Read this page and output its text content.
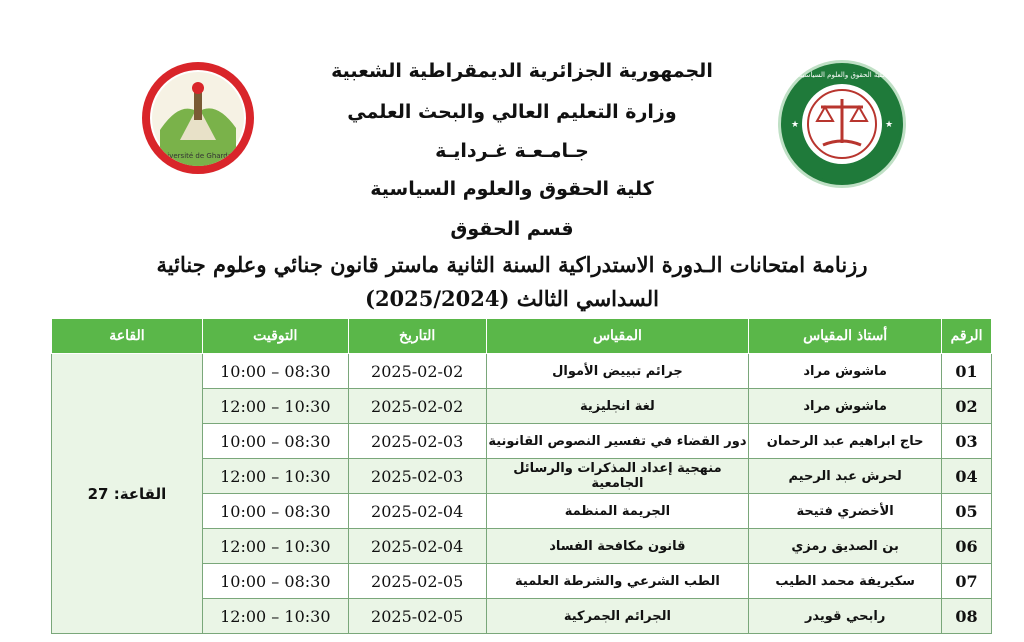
Université de Ghardaïa
كلية الحقوق والعلوم السياسية
★	★
الجمهورية الجزائرية الديمقراطية الشعبية
وزارة التعليم العالي والبحث العلمي
جـامـعـة غـردايـة
كلية الحقوق والعلوم السياسية
قسم الحقوق
رزنامة امتحانات الـدورة الاستدراكية السنة الثانية ماستر قانون جنائي وعلوم جنائية
السداسي الثالث (2025/2024)
الرقم	أستاذ المقياس	المقياس	التاريخ	التوقيت	القاعة
01	ماشوش مراد	جرائم تبييض الأموال	2025-02-02	08:30 – 10:00	القاعة: 27
02	ماشوش مراد	لغة انجليزية	2025-02-02	10:30 – 12:00	
03	حاج ابراهيم عبد الرحمان	دور القضاء في تفسير النصوص القانونية	2025-02-03	08:30 – 10:00	
04	لحرش عبد الرحيم	منهجية إعداد المذكرات والرسائل الجامعية	2025-02-03	10:30 – 12:00	
05	الأخضري فتيحة	الجريمة المنظمة	2025-02-04	08:30 – 10:00	
06	بن الصديق رمزي	قانون مكافحة الفساد	2025-02-04	10:30 – 12:00	
07	سكيريفة محمد الطيب	الطب الشرعي والشرطة العلمية	2025-02-05	08:30 – 10:00	
08	رابحي قويدر	الجرائم الجمركية	2025-02-05	10:30 – 12:00	
